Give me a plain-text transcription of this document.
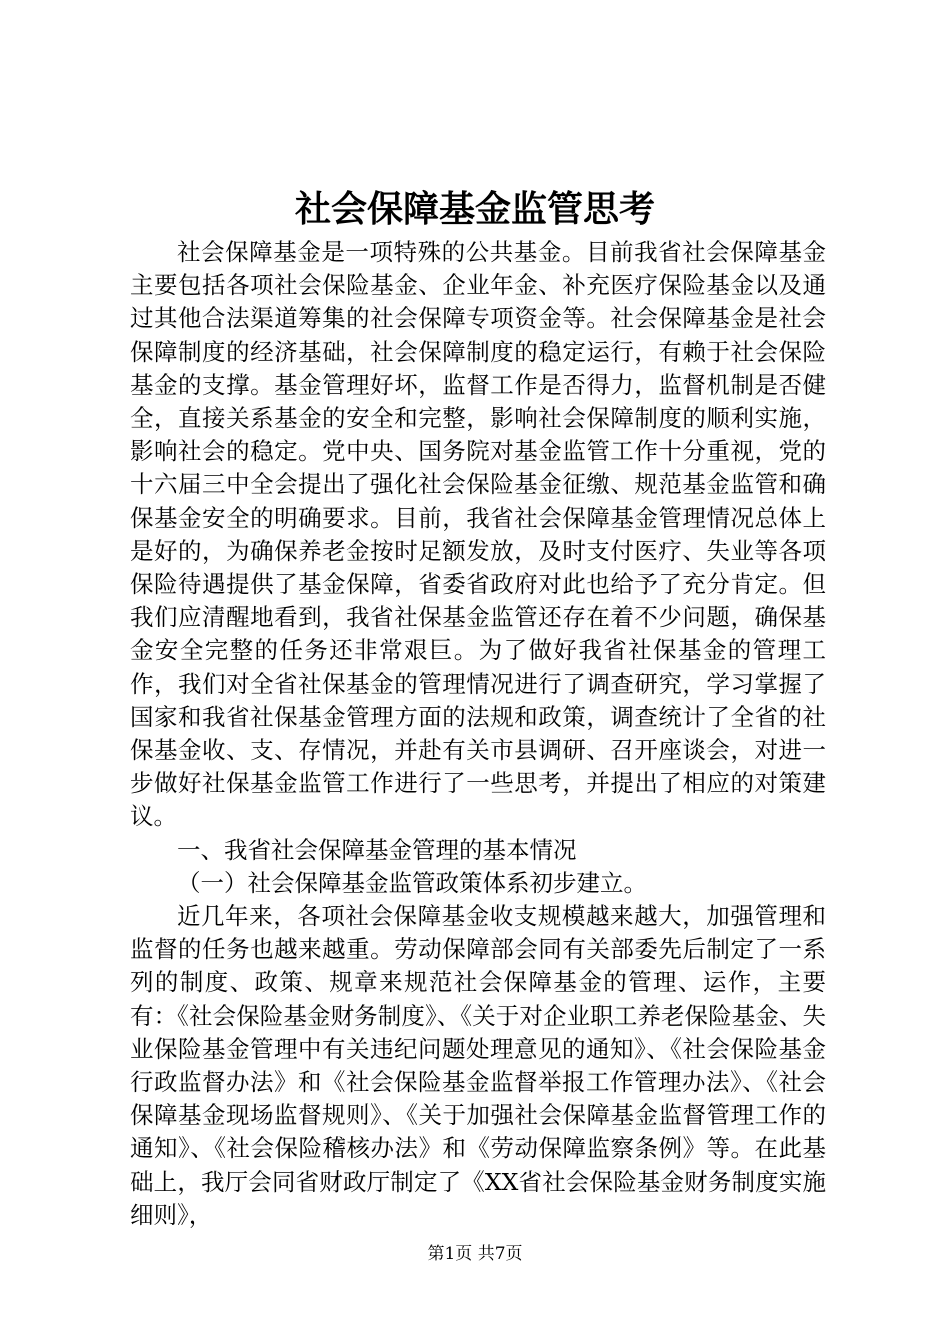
社会保障基金监管思考

社会保障基金是一项特殊的公共基金。目前我省社会保障基金主要包括各项社会保险基金、企业年金、补充医疗保险基金以及通过其他合法渠道筹集的社会保障专项资金等。社会保障基金是社会保障制度的经济基础，社会保障制度的稳定运行，有赖于社会保险基金的支撑。基金管理好坏，监督工作是否得力，监督机制是否健全，直接关系基金的安全和完整，影响社会保障制度的顺利实施，影响社会的稳定。党中央、国务院对基金监管工作十分重视，党的十六届三中全会提出了强化社会保险基金征缴、规范基金监管和确保基金安全的明确要求。目前，我省社会保障基金管理情况总体上是好的，为确保养老金按时足额发放，及时支付医疗、失业等各项保险待遇提供了基金保障，省委省政府对此也给予了充分肯定。但我们应清醒地看到，我省社保基金监管还存在着不少问题，确保基金安全完整的任务还非常艰巨。为了做好我省社保基金的管理工作，我们对全省社保基金的管理情况进行了调查研究，学习掌握了国家和我省社保基金管理方面的法规和政策，调查统计了全省的社保基金收、支、存情况，并赴有关市县调研、召开座谈会，对进一步做好社保基金监管工作进行了一些思考，并提出了相应的对策建议。

一、我省社会保障基金管理的基本情况

（一）社会保障基金监管政策体系初步建立。

近几年来，各项社会保障基金收支规模越来越大，加强管理和监督的任务也越来越重。劳动保障部会同有关部委先后制定了一系列的制度、政策、规章来规范社会保障基金的管理、运作，主要有：《社会保险基金财务制度》、《关于对企业职工养老保险基金、失业保险基金管理中有关违纪问题处理意见的通知》、《社会保险基金行政监督办法》和《社会保险基金监督举报工作管理办法》、《社会保障基金现场监督规则》、《关于加强社会保障基金监督管理工作的通知》、《社会保险稽核办法》和《劳动保障监察条例》等。在此基础上，我厅会同省财政厅制定了《XX省社会保险基金财务制度实施细则》，

第1页 共7页
